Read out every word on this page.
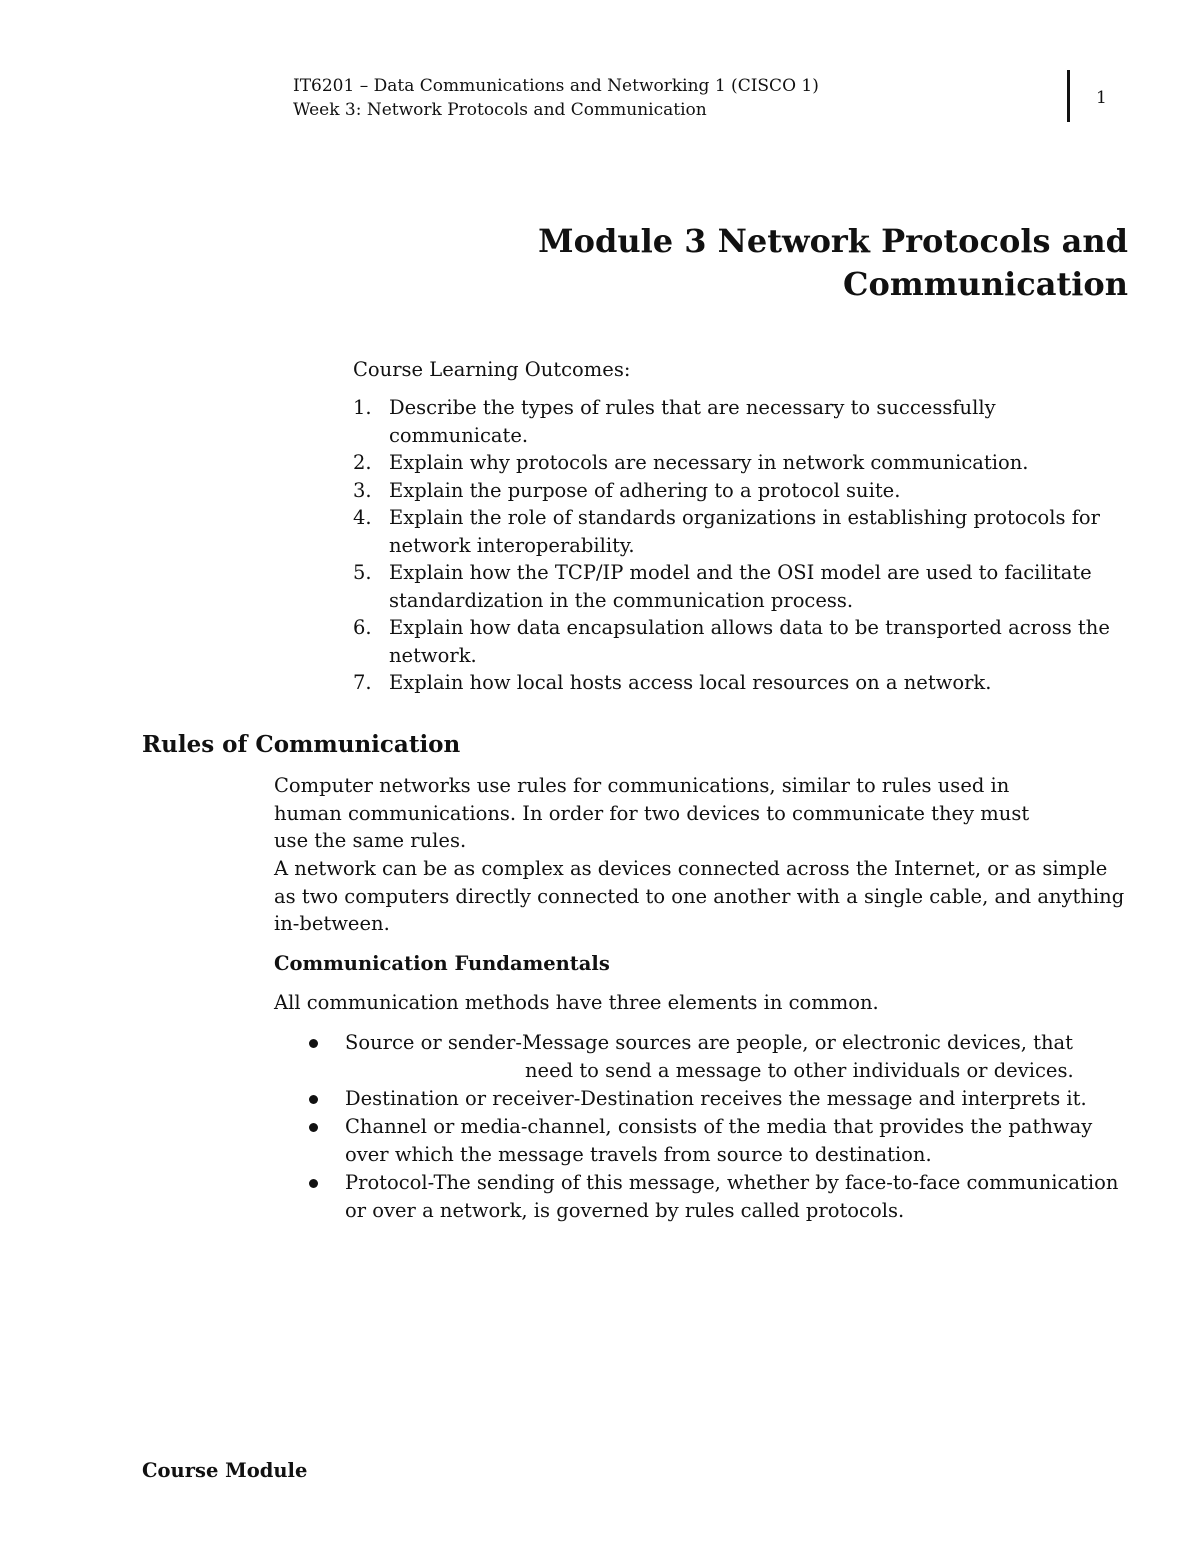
IT6201 – Data Communications and Networking 1 (CISCO 1)
Week 3: Network Protocols and Communication
1
Module 3 Network Protocols and
Communication
Course Learning Outcomes:
1. Describe the types of rules that are necessary to successfully
communicate.
2. Explain why protocols are necessary in network communication.
3. Explain the purpose of adhering to a protocol suite.
4. Explain the role of standards organizations in establishing protocols for
network interoperability.
5. Explain how the TCP/IP model and the OSI model are used to facilitate
standardization in the communication process.
6. Explain how data encapsulation allows data to be transported across the
network.
7. Explain how local hosts access local resources on a network.
Rules of Communication
Computer networks use rules for communications, similar to rules used in
human communications. In order for two devices to communicate they must
use the same rules.
A network can be as complex as devices connected across the Internet, or as simple
as two computers directly connected to one another with a single cable, and anything
in-between.
Communication Fundamentals
All communication methods have three elements in common.
Source or sender-Message sources are people, or electronic devices, that
need to send a message to other individuals or devices.
Destination or receiver-Destination receives the message and interprets it.
Channel or media-channel, consists of the media that provides the pathway
over which the message travels from source to destination.
Protocol-The sending of this message, whether by face-to-face communication
or over a network, is governed by rules called protocols.
Course Module
